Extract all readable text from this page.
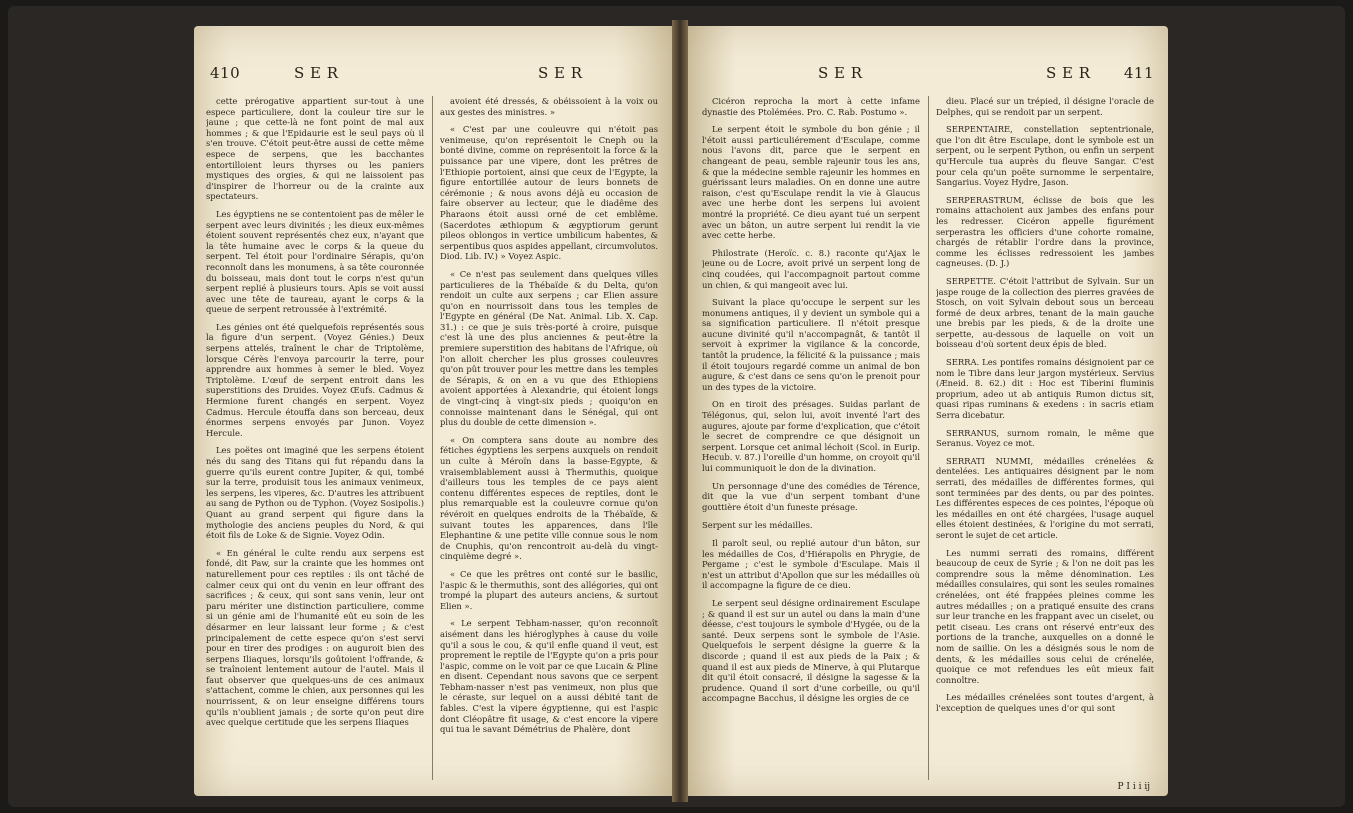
410	S E R	S E R

cette prérogative appartient sur-tout à une espece particuliere, dont la couleur tire sur le jaune ; que cette-là ne font point de mal aux hommes ; & que l'Epidaurie est le seul pays où il s'en trouve. C'étoit peut-être aussi de cette même espece de serpens, que les bacchantes entortilloient leurs thyrses ou les paniers mystiques des orgies, & qui ne laissoient pas d'inspirer de l'horreur ou de la crainte aux spectateurs.

Les égyptiens ne se contentoient pas de mêler le serpent avec leurs divinités ; les dieux eux-mêmes étoient souvent représentés chez eux, n'ayant que la tête humaine avec le corps & la queue du serpent. Tel étoit pour l'ordinaire Sérapis, qu'on reconnoît dans les monumens, à sa tête couronnée du boisseau, mais dont tout le corps n'est qu'un serpent replié à plusieurs tours. Apis se voit aussi avec une tête de taureau, ayant le corps & la queue de serpent retroussée à l'extrémité.

Les génies ont été quelquefois représentés sous la figure d'un serpent. (Voyez Génies.) Deux serpens attelés, traînent le char de Triptolème, lorsque Cérès l'envoya parcourir la terre, pour apprendre aux hommes à semer le bled. Voyez Triptolème. L'œuf de serpent entroit dans les superstitions des Druides. Voyez Œufs. Cadmus & Hermione furent changés en serpent. Voyez Cadmus. Hercule étouffa dans son berceau, deux énormes serpens envoyés par Junon. Voyez Hercule.

Les poëtes ont imaginé que les serpens étoient nés du sang des Titans qui fut répandu dans la guerre qu'ils eurent contre Jupiter, & qui, tombé sur la terre, produisit tous les animaux venimeux, les serpens, les viperes, &c. D'autres les attribuent au sang de Python ou de Typhon. (Voyez Sosipolis.) Quant au grand serpent qui figure dans la mythologie des anciens peuples du Nord, & qui étoit fils de Loke & de Signie. Voyez Odin.

« En général le culte rendu aux serpens est fondé, dit Paw, sur la crainte que les hommes ont naturellement pour ces reptiles : ils ont tâché de calmer ceux qui ont du venin en leur offrant des sacrifices ; & ceux, qui sont sans venin, leur ont paru mériter une distinction particuliere, comme si un génie ami de l'humanité eût eu soin de les désarmer en leur laissant leur forme ; & c'est principalement de cette espece qu'on s'est servi pour en tirer des prodiges : on auguroit bien des serpens Iliaques, lorsqu'ils goûtoient l'offrande, & se traînoient lentement autour de l'autel. Mais il faut observer que quelques-uns de ces animaux s'attachent, comme le chien, aux personnes qui les nourrissent, & on leur enseigne différens tours qu'ils n'oublient jamais ; de sorte qu'on peut dire avec quelque certitude que les serpens Iliaques

avoient été dressés, & obéissoient à la voix ou aux gestes des ministres. »

« C'est par une couleuvre qui n'étoit pas venimeuse, qu'on représentoit le Cneph ou la bonté divine, comme on représentoit la force & la puissance par une vipere, dont les prêtres de l'Ethiopie portoient, ainsi que ceux de l'Egypte, la figure entortillée autour de leurs bonnets de cérémonie ; & nous avons déjà eu occasion de faire observer au lecteur, que le diadême des Pharaons étoit aussi orné de cet emblême. (Sacerdotes æthiopum & ægyptiorum gerunt pileos oblongos in vertice umbilicum habentes, & serpentibus quos aspides appellant, circumvolutos. Diod. Lib. IV.) » Voyez Aspic.

« Ce n'est pas seulement dans quelques villes particulieres de la Thébaïde & du Delta, qu'on rendoit un culte aux serpens ; car Elien assure qu'on en nourrissoit dans tous les temples de l'Egypte en général (De Nat. Animal. Lib. X. Cap. 31.) : ce que je suis très-porté à croire, puisque c'est là une des plus anciennes & peut-être la premiere superstition des habitans de l'Afrique, où l'on alloit chercher les plus grosses couleuvres qu'on pût trouver pour les mettre dans les temples de Sérapis, & on en a vu que des Ethiopiens avoient apportées à Alexandrie, qui étoient longs de vingt-cinq à vingt-six pieds ; quoiqu'on en connoisse maintenant dans le Sénégal, qui ont plus du double de cette dimension ».

« On comptera sans doute au nombre des fétiches égyptiens les serpens auxquels on rendoit un culte à Méroïn dans la basse-Egypte, & vraisemblablement aussi à Thermuthis, quoique d'ailleurs tous les temples de ce pays aient contenu différentes especes de reptiles, dont le plus remarquable est la couleuvre cornue qu'on révéroit en quelques endroits de la Thébaïde, & suivant toutes les apparences, dans l'île Elephantine & une petite ville connue sous le nom de Cnuphis, qu'on rencontroit au-delà du vingt-cinquième degré ».

« Ce que les prêtres ont conté sur le basilic, l'aspic & le thermuthis, sont des allégories, qui ont trompé la plupart des auteurs anciens, & surtout Elien ».

« Le serpent Tebham-nasser, qu'on reconnoît aisément dans les hiéroglyphes à cause du voile qu'il a sous le cou, & qu'il enfle quand il veut, est proprement le reptile de l'Egypte qu'on a pris pour l'aspic, comme on le voit par ce que Lucain & Pline en disent. Cependant nous savons que ce serpent Tebham-nasser n'est pas venimeux, non plus que le céraste, sur lequel on a aussi débité tant de fables. C'est la vipere égyptienne, qui est l'aspic dont Cléopâtre fit usage, & c'est encore la vipere qui tua le savant Démétrius de Phalère, dont

S E R	S E R 411

Cicéron reprocha la mort à cette infame dynastie des Ptolémées. Pro. C. Rab. Postumo ».

Le serpent étoit le symbole du bon génie ; il l'étoit aussi particuliérement d'Esculape, comme nous l'avons dit, parce que le serpent en changeant de peau, semble rajeunir tous les ans, & que la médecine semble rajeunir les hommes en guérissant leurs maladies. On en donne une autre raison, c'est qu'Esculape rendit la vie à Glaucus avec une herbe dont les serpens lui avoient montré la propriété. Ce dieu ayant tué un serpent avec un bâton, un autre serpent lui rendit la vie avec cette herbe.

Philostrate (Heroïc. c. 8.) raconte qu'Ajax le jeune ou de Locre, avoit privé un serpent long de cinq coudées, qui l'accompagnoit partout comme un chien, & qui mangeoit avec lui.

Suivant la place qu'occupe le serpent sur les monumens antiques, il y devient un symbole qui a sa signification particuliere. Il n'étoit presque aucune divinité qu'il n'accompagnât, & tantôt il servoit à exprimer la vigilance & la concorde, tantôt la prudence, la félicité & la puissance ; mais il étoit toujours regardé comme un animal de bon augure, & c'est dans ce sens qu'on le prenoit pour un des types de la victoire.

On en tiroit des présages. Suidas parlant de Télégonus, qui, selon lui, avoit inventé l'art des augures, ajoute par forme d'explication, que c'étoit le secret de comprendre ce que désignoit un serpent. Lorsque cet animal léchoit (Scol. in Eurip. Hecub. v. 87.) l'oreille d'un homme, on croyoit qu'il lui communiquoit le don de la divination.

Un personnage d'une des comédies de Térence, dit que la vue d'un serpent tombant d'une gouttière étoit d'un funeste présage.

Serpent sur les médailles.

Il paroît seul, ou replié autour d'un bâton, sur les médailles de Cos, d'Hiérapolis en Phrygie, de Pergame ; c'est le symbole d'Esculape. Mais il n'est un attribut d'Apollon que sur les médailles où il accompagne la figure de ce dieu.

Le serpent seul désigne ordinairement Esculape ; & quand il est sur un autel ou dans la main d'une déesse, c'est toujours le symbole d'Hygée, ou de la santé. Deux serpens sont le symbole de l'Asie. Quelquefois le serpent désigne la guerre & la discorde ; quand il est aux pieds de la Paix ; & quand il est aux pieds de Minerve, à qui Plutarque dit qu'il étoit consacré, il désigne la sagesse & la prudence. Quand il sort d'une corbeille, ou qu'il accompagne Bacchus, il désigne les orgies de ce

dieu. Placé sur un trépied, il désigne l'oracle de Delphes, qui se rendoit par un serpent.

SERPENTAIRE, constellation septentrionale, que l'on dit être Esculape, dont le symbole est un serpent, ou le serpent Python, ou enfin un serpent qu'Hercule tua auprès du fleuve Sangar. C'est pour cela qu'un poëte surnomme le serpentaire, Sangarius. Voyez Hydre, Jason.

SERPERASTRUM, éclisse de bois que les romains attachoient aux jambes des enfans pour les redresser. Cicéron appelle figurément serperastra les officiers d'une cohorte romaine, chargés de rétablir l'ordre dans la province, comme les éclisses redressoient les jambes cagneuses. (D. J.)

SERPETTE. C'étoit l'attribut de Sylvain. Sur un jaspe rouge de la collection des pierres gravées de Stosch, on voit Sylvain debout sous un berceau formé de deux arbres, tenant de la main gauche une brebis par les pieds, & de la droite une serpette, au-dessous de laquelle on voit un boisseau d'où sortent deux épis de bled.

SERRA. Les pontifes romains désignoient par ce nom le Tibre dans leur jargon mystérieux. Servius (Æneid. 8. 62.) dit : Hoc est Tiberini fluminis proprium, adeo ut ab antiquis Rumon dictus sit, quasi ripas ruminans & exedens : in sacris etiam Serra dicebatur.

SERRANUS, surnom romain, le même que Seranus. Voyez ce mot.

SERRATI NUMMI, médailles crénelées & dentelées. Les antiquaires désignent par le nom serrati, des médailles de différentes formes, qui sont terminées par des dents, ou par des pointes. Les différentes especes de ces pointes, l'époque où les médailles en ont été chargées, l'usage auquel elles étoient destinées, & l'origine du mot serrati, seront le sujet de cet article.

Les nummi serrati des romains, différent beaucoup de ceux de Syrie ; & l'on ne doit pas les comprendre sous la même dénomination. Les médailles consulaires, qui sont les seules romaines crénelées, ont été frappées pleines comme les autres médailles ; on a pratiqué ensuite des crans sur leur tranche en les frappant avec un ciselet, ou petit ciseau. Les crans ont réservé entr'eux des portions de la tranche, auxquelles on a donné le nom de saillie. On les a désignés sous le nom de dents, & les médailles sous celui de crénelée, quoique ce mot refendues les eût mieux fait connoître.

Les médailles crénelées sont toutes d'argent, à l'exception de quelques unes d'or qui sont

P I i i ij
